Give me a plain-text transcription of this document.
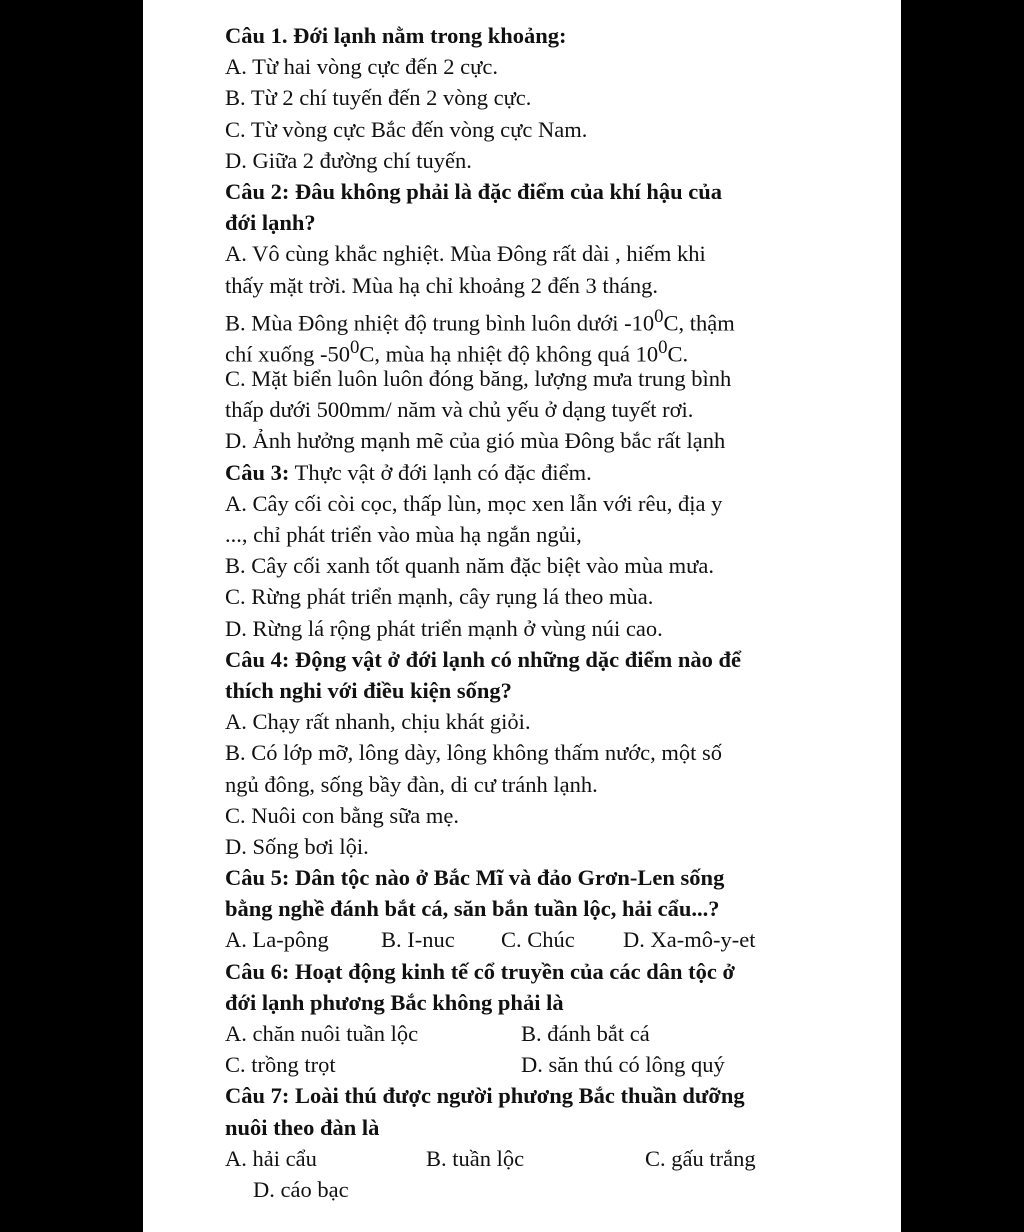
Câu 1. Đới lạnh nằm trong khoảng:
A. Từ hai vòng cực đến 2 cực.
B. Từ 2 chí tuyến đến 2 vòng cực.
C. Từ vòng cực Bắc đến vòng cực Nam.
D. Giữa 2 đường chí tuyến.
Câu 2: Đâu không phải là đặc điểm của khí hậu của
đới lạnh?
A. Vô cùng khắc nghiệt. Mùa Đông rất dài , hiếm khi
thấy mặt trời. Mùa hạ chỉ khoảng 2 đến 3 tháng.
B. Mùa Đông nhiệt độ trung bình luôn dưới $-10^0C$, thậm
chí xuống $-50^0C$, mùa hạ nhiệt độ không quá $10^0C$.
C. Mặt biển luôn luôn đóng băng, lượng mưa trung bình
thấp dưới 500mm/ năm và chủ yếu ở dạng tuyết rơi.
D. Ảnh hưởng mạnh mẽ của gió mùa Đông bắc rất lạnh
Câu 3: Thực vật ở đới lạnh có đặc điểm.
A. Cây cối còi cọc, thấp lùn, mọc xen lẫn với rêu, địa y
..., chỉ phát triển vào mùa hạ ngắn ngủi,
B. Cây cối xanh tốt quanh năm đặc biệt vào mùa mưa.
C. Rừng phát triển mạnh, cây rụng lá theo mùa.
D. Rừng lá rộng phát triển mạnh ở vùng núi cao.
Câu 4: Động vật ở đới lạnh có những dặc điểm nào để
thích nghi với điều kiện sống?
A. Chạy rất nhanh, chịu khát giỏi.
B. Có lớp mỡ, lông dày, lông không thấm nước, một số
ngủ đông, sống bầy đàn, di cư tránh lạnh.
C. Nuôi con bằng sữa mẹ.
D. Sống bơi lội.
Câu 5: Dân tộc nào ở Bắc Mĩ và đảo Grơn-Len sống
bằng nghề đánh bắt cá, săn bắn tuần lộc, hải cẩu...?
A. La-pông B. I-nuc C. Chúc D. Xa-mô-y-et
Câu 6: Hoạt động kinh tế cổ truyền của các dân tộc ở
đới lạnh phương Bắc không phải là
A. chăn nuôi tuần lộc	B. đánh bắt cá
C. trồng trọt	D. săn thú có lông quý
Câu 7: Loài thú được người phương Bắc thuần dưỡng
nuôi theo đàn là
A. hải cẩu	B. tuần lộc	C. gấu trắng
D. cáo bạc
